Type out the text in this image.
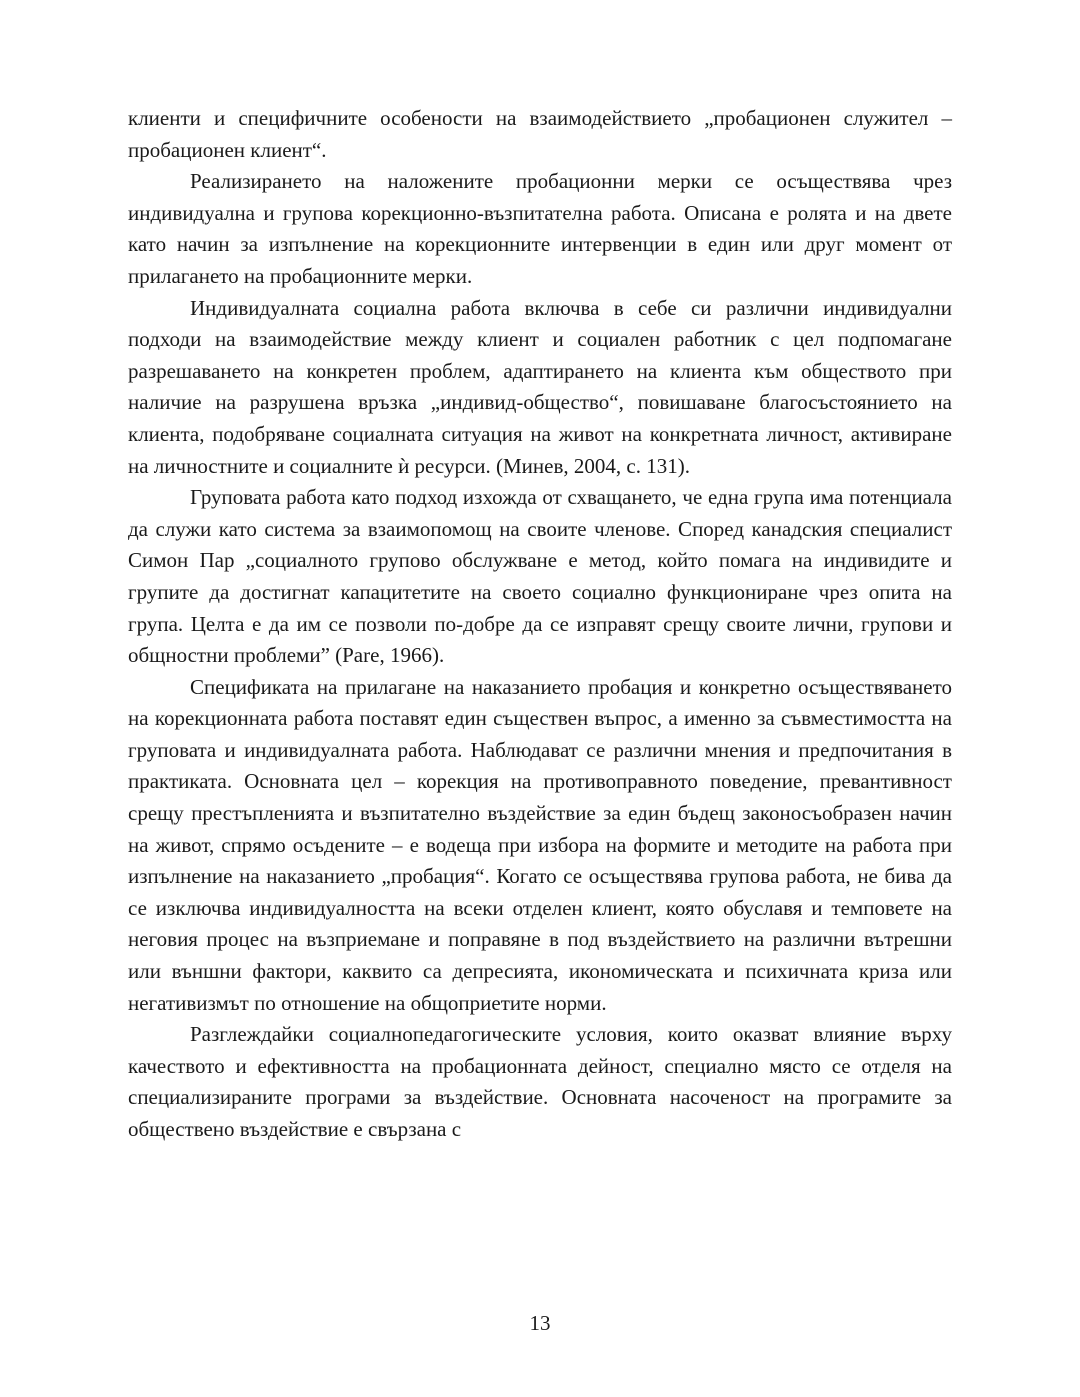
клиенти и специфичните особености на взаимодействието „пробационен служител – пробационен клиент“.

Реализирането на наложените пробационни мерки се осъществява чрез индивидуална и групова корекционно-възпитателна работа. Описана е ролята и на двете като начин за изпълнение на корекционните интервенции в един или друг момент от прилагането на пробационните мерки.

Индивидуалната социална работа включва в себе си различни индивидуални подходи на взаимодействие между клиент и социален работник с цел подпомагане разрешаването на конкретен проблем, адаптирането на клиента към обществото при наличие на разрушена връзка „индивид-общество“, повишаване благосъстоянието на клиента, подобряване социалната ситуация на живот на конкретната личност, активиране на личностните и социалните ѝ ресурси. (Минев, 2004, с. 131).

Груповата работа като подход изхожда от схващането, че една група има потенциала да служи като система за взаимопомощ на своите членове. Според канадския специалист Симон Пар „социалното групово обслужване е метод, който помага на индивидите и групите да достигнат капацитетите на своето социално функциониране чрез опита на група. Целта е да им се позволи по-добре да се изправят срещу своите лични, групови и общностни проблеми” (Pare, 1966).

Спецификата на прилагане на наказанието пробация и конкретно осъществяването на корекционната работа поставят един съществен въпрос, а именно за съвместимостта на груповата и индивидуалната работа. Наблюдават се различни мнения и предпочитания в практиката. Основната цел – корекция на противоправното поведение, превантивност срещу престъпленията и възпитателно въздействие за един бъдещ законосъобразен начин на живот, спрямо осъдените – е водеща при избора на формите и методите на работа при изпълнение на наказанието „пробация“. Когато се осъществява групова работа, не бива да се изключва индивидуалността на всеки отделен клиент, която обуславя и темповете на неговия процес на възприемане и поправяне в под въздействието на различни вътрешни или външни фактори, каквито са депресията, икономическата и психичната криза или негативизмът по отношение на общоприетите норми.

Разглеждайки социалнопедагогическите условия, които оказват влияние върху качеството и ефективността на пробационната дейност, специално място се отделя на специализираните програми за въздействие. Основната насоченост на програмите за обществено въздействие е свързана с

13
